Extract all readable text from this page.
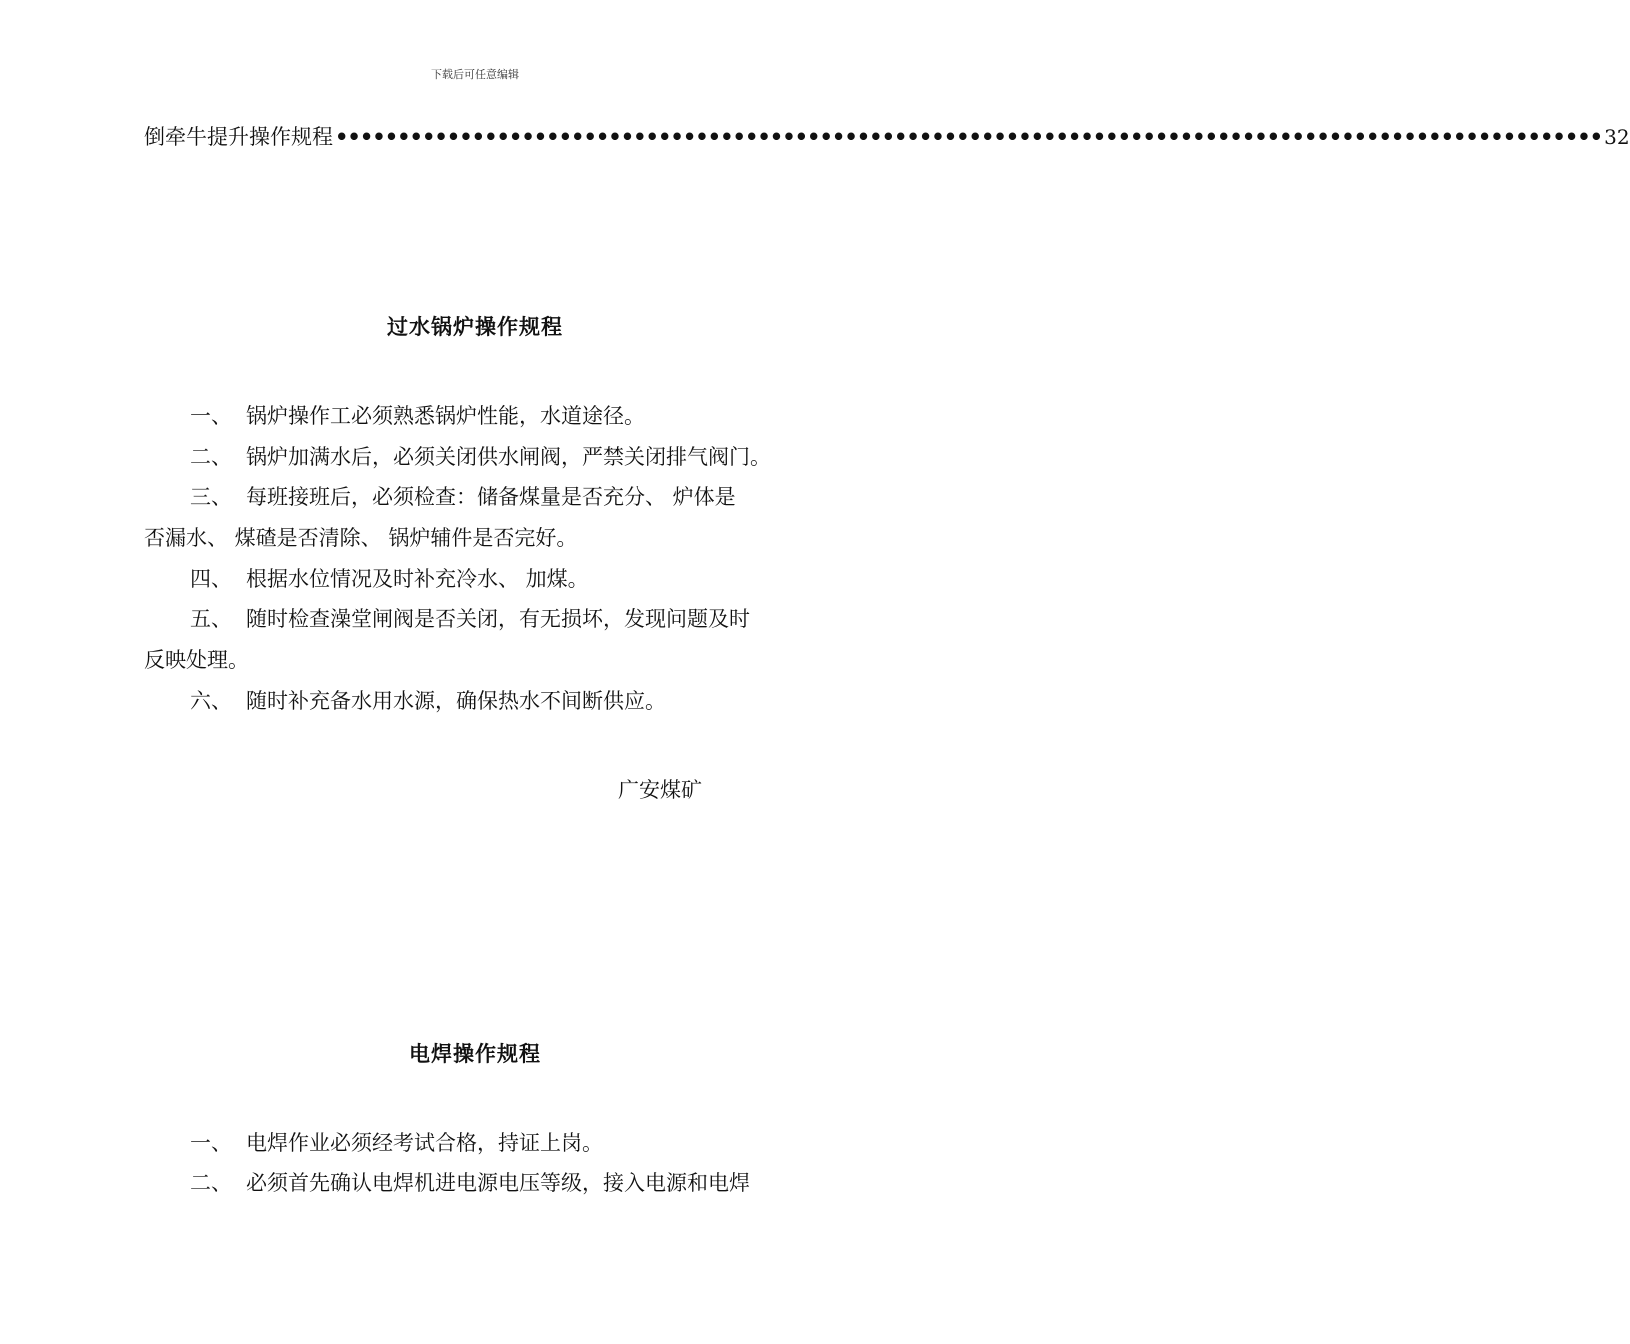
下载后可任意编辑
倒牵牛提升操作规程 •••••••••••••••••••••••••••••••••••••••••••••••••••••••••••••••••••••••••••••••••••••••••••••••••••••• 32
过水锅炉操作规程
一、 锅炉操作工必须熟悉锅炉性能，水道途径。
二、 锅炉加满水后，必须关闭供水闸阀，严禁关闭排气阀门。
三、 每班接班后，必须检查：储备煤量是否充分、 炉体是
否漏水、 煤碴是否清除、 锅炉辅件是否完好。
四、 根据水位情况及时补充冷水、 加煤。
五、 随时检查澡堂闸阀是否关闭，有无损坏，发现问题及时
反映处理。
六、 随时补充备水用水源，确保热水不间断供应。
广安煤矿
电焊操作规程
一、 电焊作业必须经考试合格，持证上岗。
二、 必须首先确认电焊机进电源电压等级，接入电源和电焊
